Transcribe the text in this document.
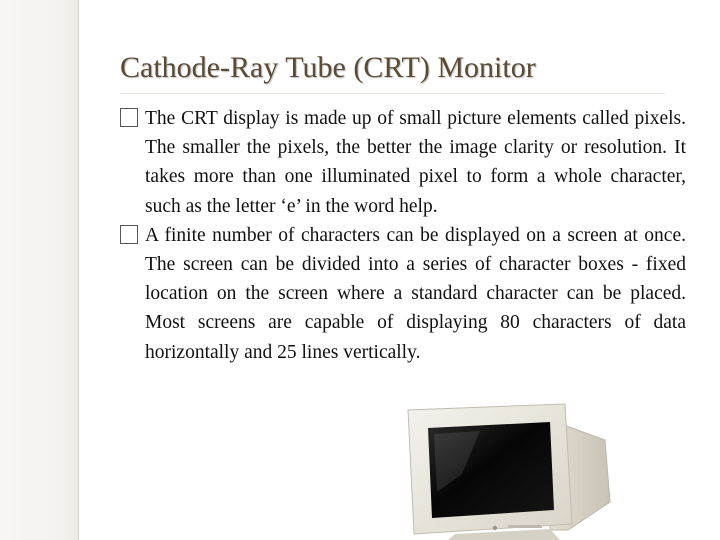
Cathode-Ray Tube (CRT) Monitor
The CRT display is made up of small picture elements called pixels. The smaller the pixels, the better the image clarity or resolution. It takes more than one illuminated pixel to form a whole character, such as the letter ‘e’ in the word help.
A finite number of characters can be displayed on a screen at once. The screen can be divided into a series of character boxes - fixed location on the screen where a standard character can be placed. Most screens are capable of displaying 80 characters of data horizontally and 25 lines vertically.
